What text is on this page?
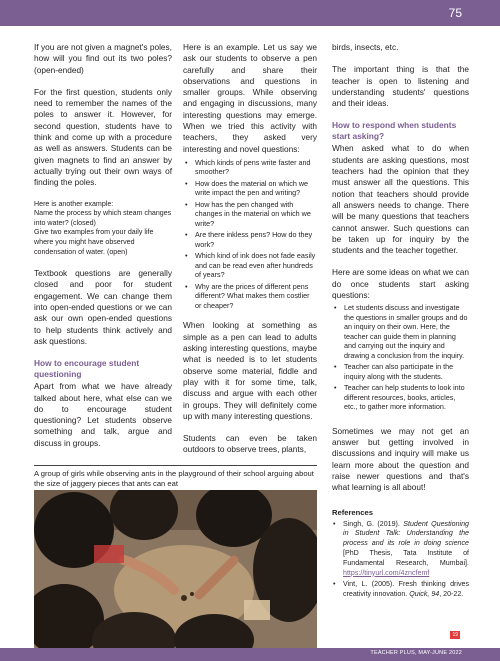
75

If you are not given a magnet's poles, how will you find out its two poles? (open-ended)

For the first question, students only need to remember the names of the poles to answer it. However, for second question, students have to think and come up with a procedure as well as answers. Students can be given magnets to find an answer by actually trying out their own ways of finding the poles.

Here is another example:

Name the process by which steam changes into water? (closed)

Give two examples from your daily life where you might have observed condensation of water. (open)

Textbook questions are generally closed and poor for student engagement. We can change them into open-ended questions or we can ask our own open-ended questions to help students think actively and ask questions.

How to encourage student questioning

Apart from what we have already talked about here, what else can we do to encourage student questioning? Let students observe something and talk, argue and discuss in groups.

Here is an example. Let us say we ask our students to observe a pen carefully and share their observations and questions in smaller groups. While observing and engaging in discussions, many interesting questions may emerge. When we tried this activity with teachers, they asked very interesting and novel questions:

• Which kinds of pens write faster and smoother?
• How does the material on which we write impact the pen and writing?
• How has the pen changed with changes in the material on which we write?
• Are there inkless pens? How do they work?
• Which kind of ink does not fade easily and can be read even after hundreds of years?
• Why are the prices of different pens different? What makes them costlier or cheaper?

When looking at something as simple as a pen can lead to adults asking interesting questions, maybe what is needed is to let students observe some material, fiddle and play with it for some time, talk, discuss and argue with each other in groups. They will definitely come up with many interesting questions.

Students can even be taken outdoors to observe trees, plants,

birds, insects, etc.

The important thing is that the teacher is open to listening and understanding students' questions and their ideas.

How to respond when students start asking?

When asked what to do when students are asking questions, most teachers had the opinion that they must answer all the questions. This notion that teachers should provide all answers needs to change. There will be many questions that teachers cannot answer. Such questions can be taken up for inquiry by the students and the teacher together.

Here are some ideas on what we can do once students start asking questions:

• Let students discuss and investigate the questions in smaller groups and do an inquiry on their own. Here, the teacher can guide them in planning and carrying out the inquiry and drawing a conclusion from the inquiry.
• Teacher can also participate in the inquiry along with the students.
• Teacher can help students to look into different resources, books, articles, etc., to gather more information.

Sometimes we may not get an answer but getting involved in discussions and inquiry will make us learn more about the question and raise newer questions and that's what learning is all about!

References
• Singh, G. (2019). Student Questioning in Student Talk: Understanding the process and its role in doing science [PhD Thesis, Tata Institute of Fundamental Research, Mumbai]. https://tinyurl.com/4zncfemf
• Vint, L. (2005). Fresh thinking drives creativity innovation. Quick, 94, 20-22.
A group of girls while observing ants in the playground of their school arguing about the size of jaggery pieces that ants can eat
19
TEACHER PLUS, MAY-JUNE 2022
